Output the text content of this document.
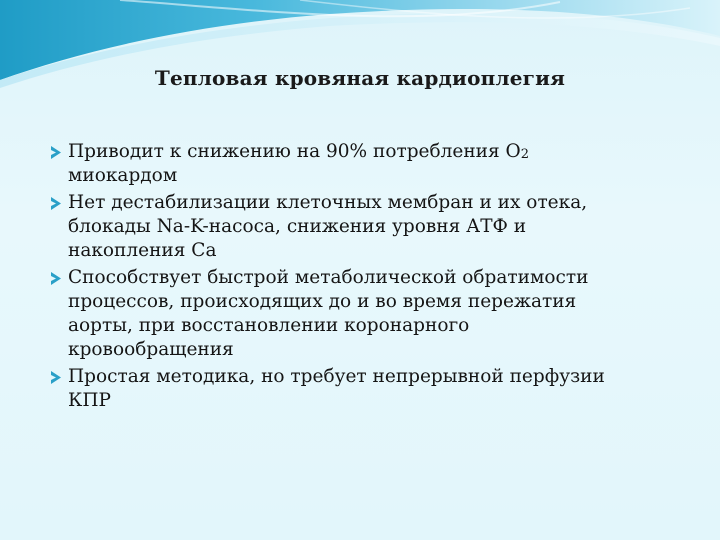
Тепловая кровяная кардиоплегия
Приводит к снижению на 90% потребления $O_2$
миокардом
Нет дестабилизации клеточных мембран и их отека,
блокады Na-K-насоса, снижения уровня АТФ и
накопления Ca
Способствует быстрой метаболической обратимости
процессов, происходящих до и во время пережатия
аорты, при восстановлении коронарного
кровообращения
Простая методика, но требует непрерывной перфузии
КПР
